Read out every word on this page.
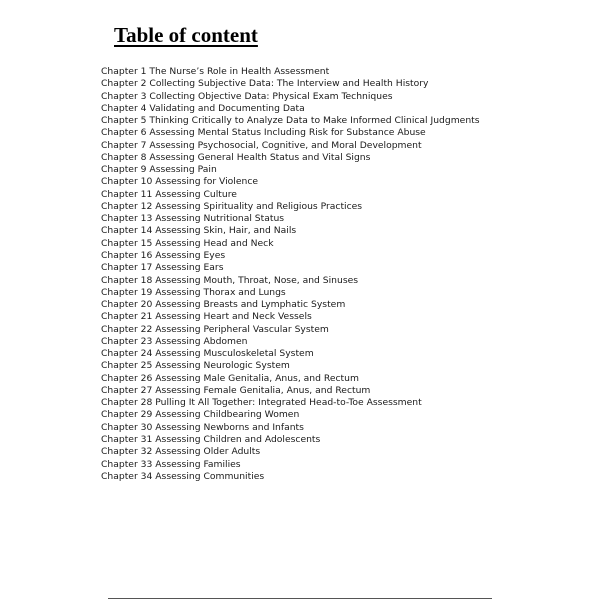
Table of content
Chapter 1 The Nurse’s Role in Health Assessment
Chapter 2 Collecting Subjective Data: The Interview and Health History
Chapter 3 Collecting Objective Data: Physical Exam Techniques
Chapter 4 Validating and Documenting Data
Chapter 5 Thinking Critically to Analyze Data to Make Informed Clinical Judgments
Chapter 6 Assessing Mental Status Including Risk for Substance Abuse
Chapter 7 Assessing Psychosocial, Cognitive, and Moral Development
Chapter 8 Assessing General Health Status and Vital Signs
Chapter 9 Assessing Pain
Chapter 10 Assessing for Violence
Chapter 11 Assessing Culture
Chapter 12 Assessing Spirituality and Religious Practices
Chapter 13 Assessing Nutritional Status
Chapter 14 Assessing Skin, Hair, and Nails
Chapter 15 Assessing Head and Neck
Chapter 16 Assessing Eyes
Chapter 17 Assessing Ears
Chapter 18 Assessing Mouth, Throat, Nose, and Sinuses
Chapter 19 Assessing Thorax and Lungs
Chapter 20 Assessing Breasts and Lymphatic System
Chapter 21 Assessing Heart and Neck Vessels
Chapter 22 Assessing Peripheral Vascular System
Chapter 23 Assessing Abdomen
Chapter 24 Assessing Musculoskeletal System
Chapter 25 Assessing Neurologic System
Chapter 26 Assessing Male Genitalia, Anus, and Rectum
Chapter 27 Assessing Female Genitalia, Anus, and Rectum
Chapter 28 Pulling It All Together: Integrated Head-to-Toe Assessment
Chapter 29 Assessing Childbearing Women
Chapter 30 Assessing Newborns and Infants
Chapter 31 Assessing Children and Adolescents
Chapter 32 Assessing Older Adults
Chapter 33 Assessing Families
Chapter 34 Assessing Communities
